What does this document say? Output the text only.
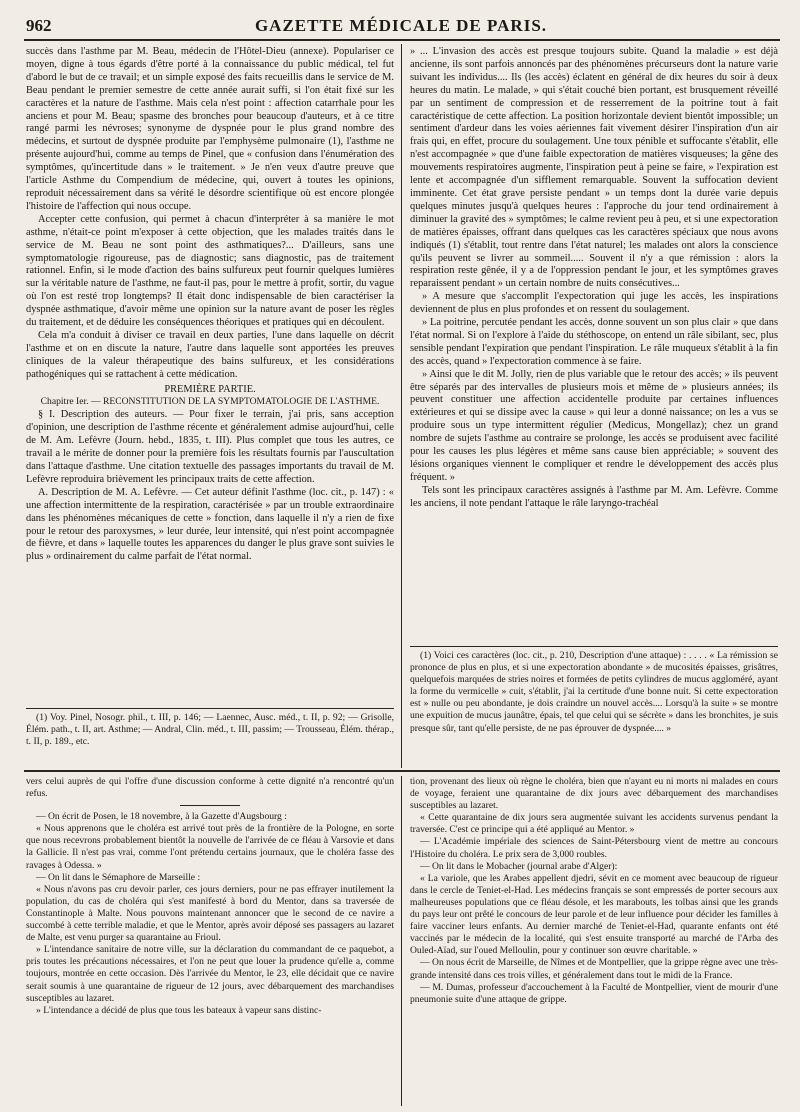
962	GAZETTE MÉDICALE DE PARIS.

succès dans l'asthme par M. Beau, médecin de l'Hôtel-Dieu (annexe). Populariser ce moyen, digne à tous égards d'être porté à la connaissance du public médical, tel fut d'abord le but de ce travail; et un simple exposé des faits recueillis dans le service de M. Beau pendant le premier semestre de cette année aurait suffi, si l'on était fixé sur les caractères et la nature de l'asthme. Mais cela n'est point : affection catarrhale pour les anciens et pour M. Beau; spasme des bronches pour beaucoup d'auteurs, et à ce titre rangé parmi les névroses; synonyme de dyspnée pour le plus grand nombre des médecins, et surtout de dyspnée produite par l'emphysème pulmonaire (1), l'asthme ne présente aujourd'hui, comme au temps de Pinel, que « confusion dans l'énumération des symptômes, qu'incertitude dans » le traitement. » Je n'en veux d'autre preuve que l'article Asthme du Compendium de médecine, qui, ouvert à toutes les opinions, reproduit nécessairement dans sa vérité le désordre scientifique où est encore plongée l'histoire de l'affection qui nous occupe.

Accepter cette confusion, qui permet à chacun d'interpréter à sa manière le mot asthme, n'était-ce point m'exposer à cette objection, que les malades traités dans le service de M. Beau ne sont point des asthmatiques?... D'ailleurs, sans une symptomatologie rigoureuse, pas de diagnostic; sans diagnostic, pas de traitement rationnel. Enfin, si le mode d'action des bains sulfureux peut fournir quelques lumières sur la véritable nature de l'asthme, ne faut-il pas, pour le mettre à profit, sortir, du vague où l'on est resté trop longtemps? Il était donc indispensable de bien caractériser la dyspnée asthmatique, d'avoir même une opinion sur la nature avant de poser les règles du traitement, et de déduire les conséquences théoriques et pratiques qui en découlent.

Cela m'a conduit à diviser ce travail en deux parties, l'une dans laquelle on décrit l'asthme et on en discute la nature, l'autre dans laquelle sont apportées les preuves cliniques de la valeur thérapeutique des bains sulfureux, et les considérations pathogéniques qui se rattachent à cette médication.

PREMIÈRE PARTIE.

Chapitre Ier. — RECONSTITUTION DE LA SYMPTOMATOLOGIE DE L'ASTHME.

§ I. Description des auteurs. — Pour fixer le terrain, j'ai pris, sans acception d'opinion, une description de l'asthme récente et généralement admise aujourd'hui, celle de M. Am. Lefèvre (Journ. hebd., 1835, t. III). Plus complet que tous les autres, ce travail a le mérite de donner pour la première fois les résultats fournis par l'auscultation dans l'attaque d'asthme. Une citation textuelle des passages importants du travail de M. Lefèvre reproduira brièvement les principaux traits de cette affection.

A. Description de M. A. Lefèvre. — Cet auteur définit l'asthme (loc. cit., p. 147) : « une affection intermittente de la respiration, caractérisée » par un trouble extraordinaire dans les phénomènes mécaniques de cette » fonction, dans laquelle il n'y a rien de fixe pour le retour des paroxysmes, » leur durée, leur intensité, qui n'est point accompagnée de fièvre, et dans » laquelle toutes les apparences du danger le plus grave sont suivies le plus » ordinairement du calme parfait de l'état normal.

(1) Voy. Pinel, Nosogr. phil., t. III, p. 146; — Laennec, Ausc. méd., t. II, p. 92; — Grisolle, Élém. path., t. II, art. Asthme; — Andral, Clin. méd., t. III, passim; — Trousseau, Élém. thérap., t. II, p. 189., etc.

» ... L'invasion des accès est presque toujours subite. Quand la maladie » est déjà ancienne, ils sont parfois annoncés par des phénomènes précurseurs dont la nature varie suivant les individus.... Ils (les accès) éclatent en général de dix heures du soir à deux heures du matin. Le malade, » qui s'était couché bien portant, est brusquement réveillé par un sentiment de compression et de resserrement de la poitrine tout à fait caractéristique de cette affection. La position horizontale devient bientôt impossible; un sentiment d'ardeur dans les voies aériennes fait vivement désirer l'inspiration d'un air frais qui, en effet, procure du soulagement. Une toux pénible et suffocante s'établit, elle n'est accompagnée » que d'une faible expectoration de matières visqueuses; la gêne des mouvements respiratoires augmente, l'inspiration peut à peine se faire, » l'expiration est lente et accompagnée d'un sifflement remarquable. Souvent la suffocation devient imminente. Cet état grave persiste pendant » un temps dont la durée varie depuis quelques minutes jusqu'à quelques heures : l'approche du jour tend ordinairement à diminuer la gravité des » symptômes; le calme revient peu à peu, et si une expectoration de matières épaisses, offrant dans quelques cas les caractères spéciaux que nous avons indiqués (1) s'établit, tout rentre dans l'état naturel; les malades ont alors la conscience qu'ils peuvent se livrer au sommeil..... Souvent il n'y a que rémission : alors la respiration reste gênée, il y a de l'oppression pendant le jour, et les symptômes graves reparaissent pendant » un certain nombre de nuits consécutives...

» A mesure que s'accomplit l'expectoration qui juge les accès, les inspirations deviennent de plus en plus profondes et on ressent du soulagement.

» La poitrine, percutée pendant les accès, donne souvent un son plus clair » que dans l'état normal. Si on l'explore à l'aide du stéthoscope, on entend un râle sibilant, sec, plus sensible pendant l'expiration que pendant l'inspiration. Le râle muqueux s'établit à la fin des accès, quand » l'expectoration commence à se faire.

» Ainsi que le dit M. Jolly, rien de plus variable que le retour des accès; » ils peuvent être séparés par des intervalles de plusieurs mois et même de » plusieurs années; ils peuvent constituer une affection accidentelle produite par certaines influences extérieures et qui se dissipe avec la cause » qui leur a donné naissance; on les a vus se produire sous un type intermittent régulier (Medicus, Mongellaz); chez un grand nombre de sujets l'asthme au contraire se prolonge, les accès se produisent avec facilité pour les causes les plus légères et même sans cause bien appréciable; » souvent des lésions organiques viennent le compliquer et rendre le développement des accès plus fréquent. »

Tels sont les principaux caractères assignés à l'asthme par M. Am. Lefèvre. Comme les anciens, il note pendant l'attaque le râle laryngo-trachéal

(1) Voici ces caractères (loc. cit., p. 210, Description d'une attaque) : . . . . « La rémission se prononce de plus en plus, et si une expectoration abondante » de mucosités épaisses, grisâtres, quelquefois marquées de stries noires et formées de petits cylindres de mucus aggloméré, ayant la forme du vermicelle » cuit, s'établit, j'ai la certitude d'une bonne nuit. Si cette expectoration est » nulle ou peu abondante, je dois craindre un nouvel accès.... Lorsqu'à la suite » se montre une expuition de mucus jaunâtre, épais, tel que celui qui se sécrète » dans les bronchites, je suis presque sûr, tant qu'elle persiste, de ne pas éprouver de dyspnée.... »

vers celui auprès de qui l'offre d'une discussion conforme à cette dignité n'a rencontré qu'un refus.

— On écrit de Posen, le 18 novembre, à la Gazette d'Augsbourg :

« Nous apprenons que le choléra est arrivé tout près de la frontière de la Pologne, en sorte que nous recevrons probablement bientôt la nouvelle de l'arrivée de ce fléau à Varsovie et dans la Gallicie. Il n'est pas vrai, comme l'ont prétendu certains journaux, que le choléra fasse des ravages à Odessa. »

— On lit dans le Sémaphore de Marseille :

« Nous n'avons pas cru devoir parler, ces jours derniers, pour ne pas effrayer inutilement la population, du cas de choléra qui s'est manifesté à bord du Mentor, dans sa traversée de Constantinople à Malte. Nous pouvons maintenant annoncer que le second de ce navire a succombé à cette terrible maladie, et que le Mentor, après avoir déposé ses passagers au lazaret de Malte, est venu purger sa quarantaine au Frioul.

» L'intendance sanitaire de notre ville, sur la déclaration du commandant de ce paquebot, a pris toutes les précautions nécessaires, et l'on ne peut que louer la prudence qu'elle a, comme toujours, montrée en cette occasion. Dès l'arrivée du Mentor, le 23, elle décidait que ce navire serait soumis à une quarantaine de rigueur de 12 jours, avec débarquement des marchandises susceptibles au lazaret.

» L'intendance a décidé de plus que tous les bateaux à vapeur sans distinc-

tion, provenant des lieux où règne le choléra, bien que n'ayant eu ni morts ni malades en cours de voyage, feraient une quarantaine de dix jours avec débarquement des marchandises susceptibles au lazaret.

« Cette quarantaine de dix jours sera augmentée suivant les accidents survenus pendant la traversée. C'est ce principe qui a été appliqué au Mentor. »

— L'Académie impériale des sciences de Saint-Pétersbourg vient de mettre au concours l'Histoire du choléra. Le prix sera de 3,000 roubles.

— On lit dans le Mobacher (journal arabe d'Alger):

« La variole, que les Arabes appellent djedri, sévit en ce moment avec beaucoup de rigueur dans le cercle de Teniet-el-Had. Les médecins français se sont empressés de porter secours aux malheureuses populations que ce fléau désole, et les marabouts, les tolbas ainsi que les grands du pays leur ont prêté le concours de leur parole et de leur influence pour décider les familles à faire vacciner leurs enfants. Au dernier marché de Teniet-el-Had, quarante enfants ont été vaccinés par le médecin de la localité, qui s'est ensuite transporté au marché de l'Arba des Ouled-Aïad, sur l'oued Melloulin, pour y continuer son œuvre charitable. »

— On nous écrit de Marseille, de Nîmes et de Montpellier, que la grippe règne avec une très-grande intensité dans ces trois villes, et généralement dans tout le midi de la France.

— M. Dumas, professeur d'accouchement à la Faculté de Montpellier, vient de mourir d'une pneumonie suite d'une attaque de grippe.
